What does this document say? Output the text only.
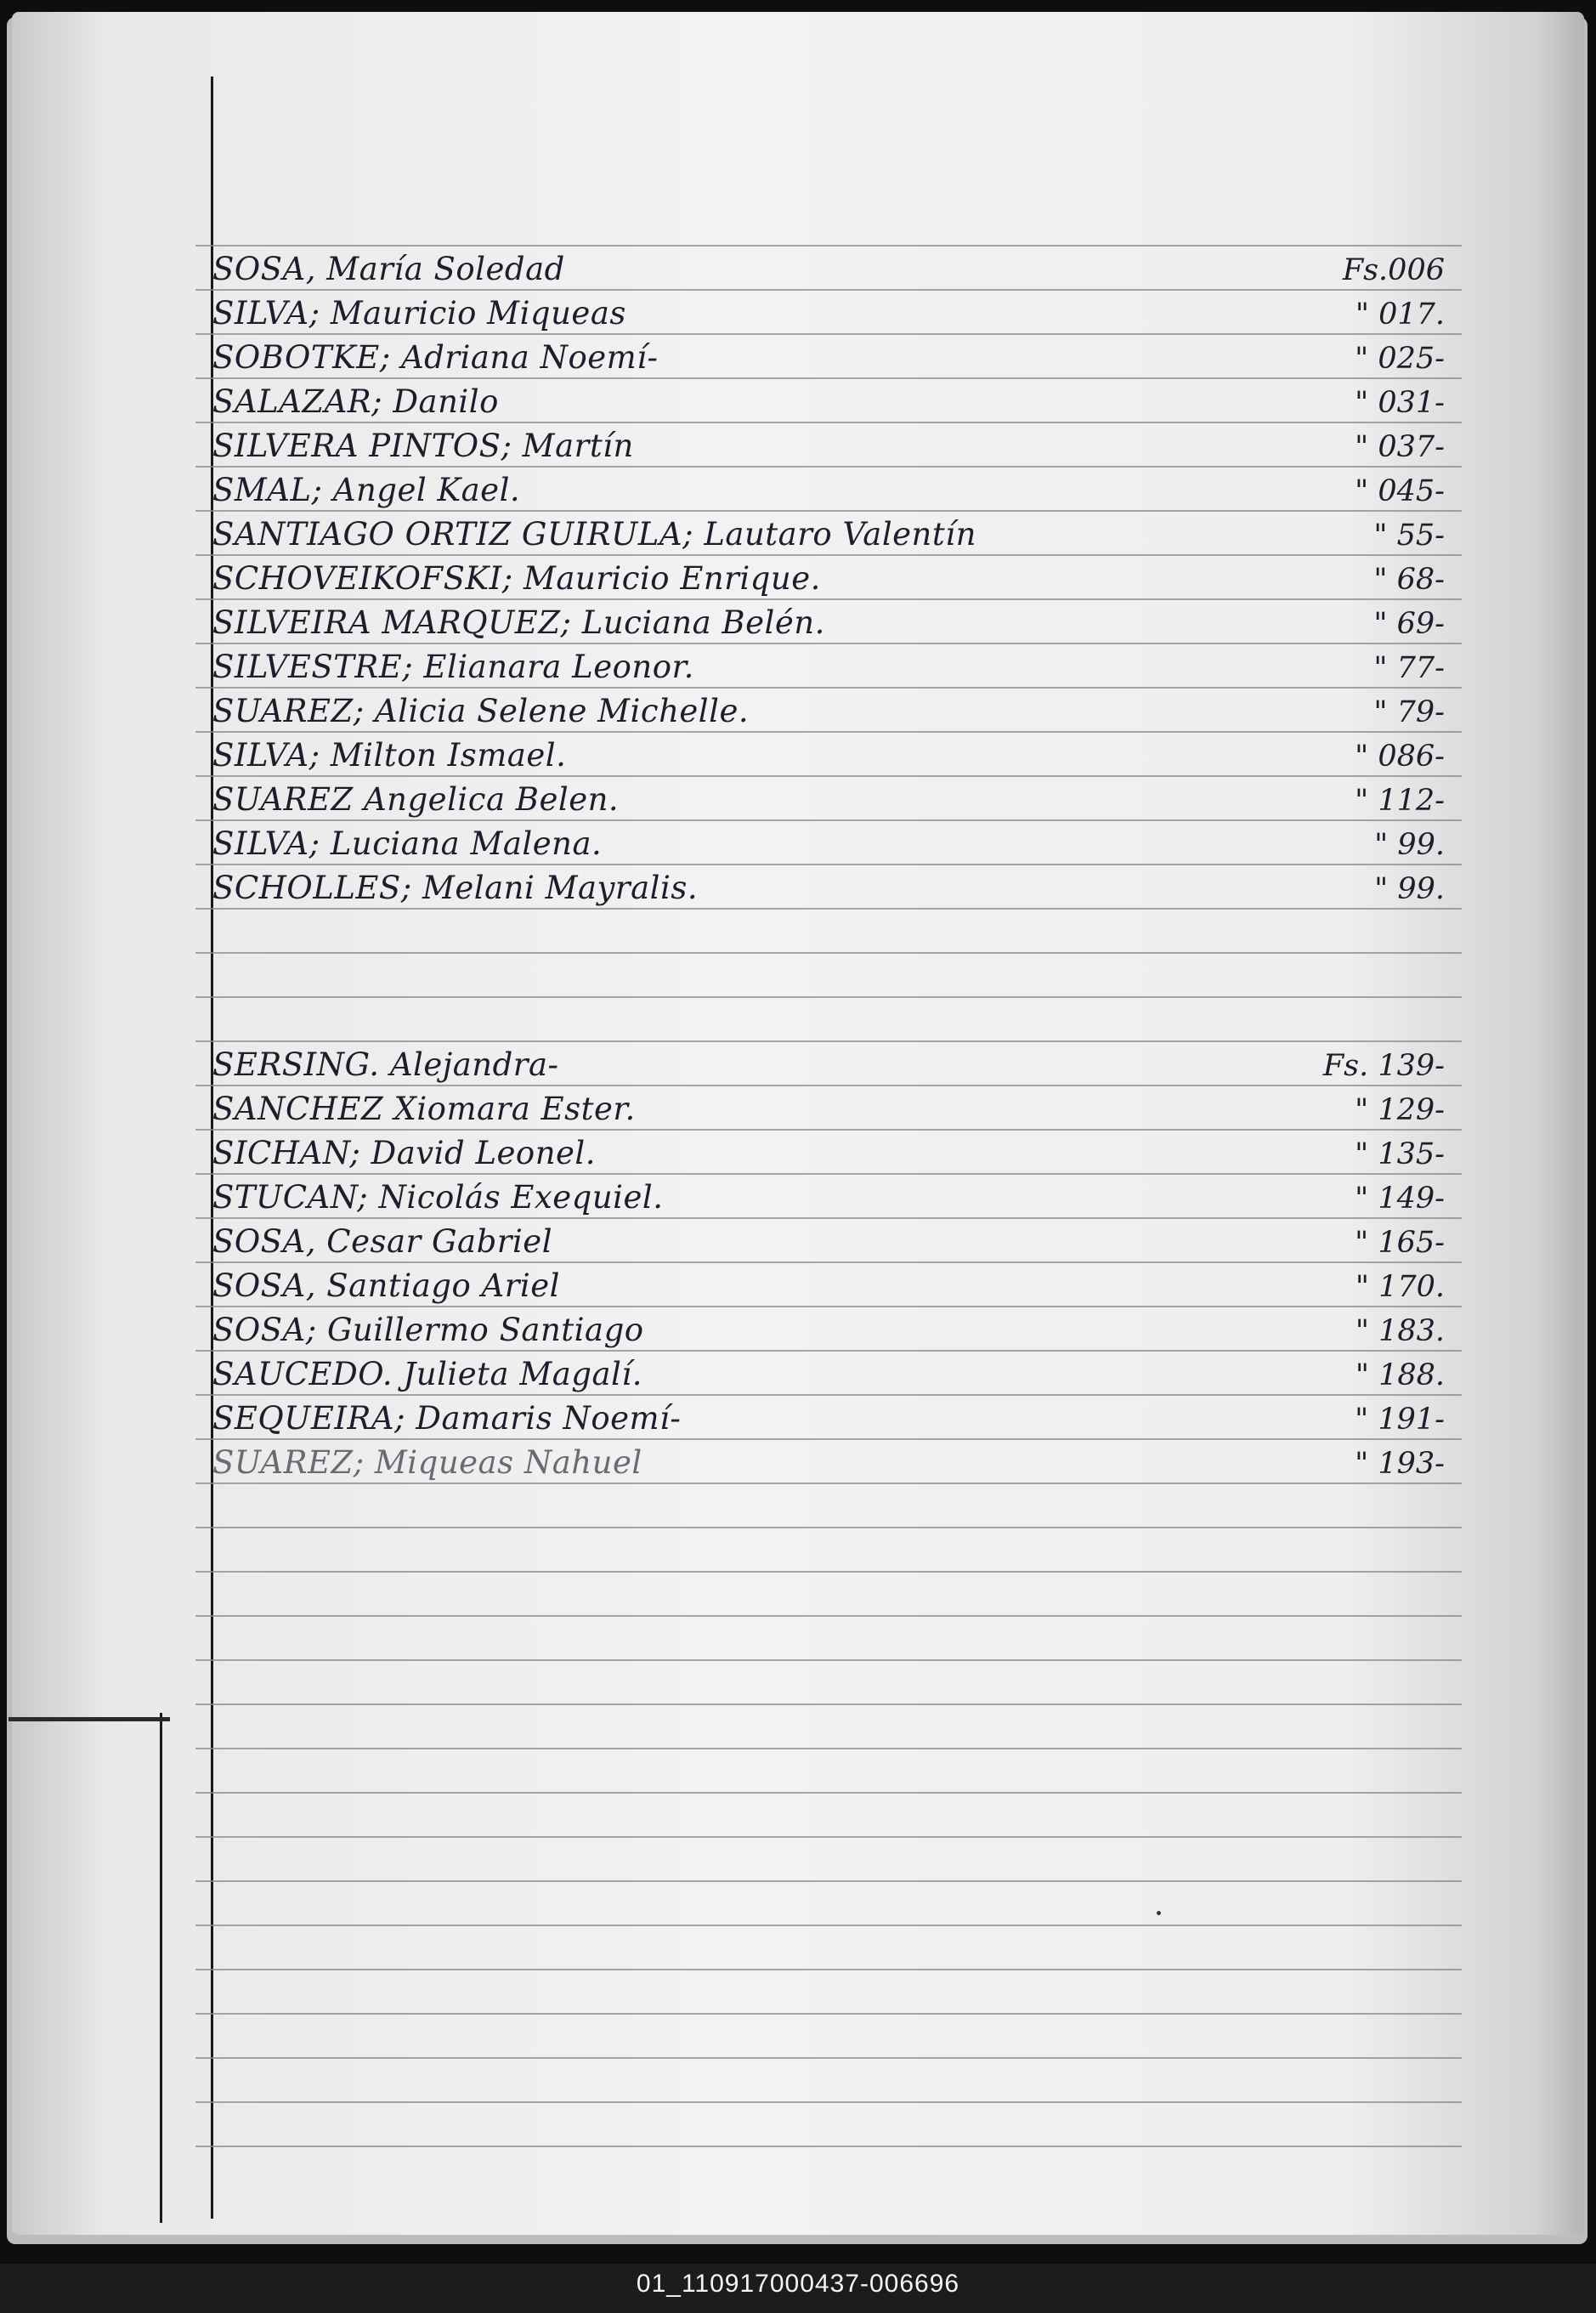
SOSA, María Soledad	Fs.006
SILVA; Mauricio Miqueas	" 017.
SOBOTKE; Adriana Noemí-	" 025-
SALAZAR; Danilo	" 031-
SILVERA PINTOS; Martín	" 037-
SMAL; Angel Kael.	" 045-
SANTIAGO ORTIZ GUIRULA; Lautaro Valentín	" 55-
SCHOVEIKOFSKI; Mauricio Enrique.	" 68-
SILVEIRA MARQUEZ; Luciana Belén.	" 69-
SILVESTRE; Elianara Leonor.	" 77-
SUAREZ; Alicia Selene Michelle.	" 79-
SILVA; Milton Ismael.	" 086-
SUAREZ Angelica Belen.	" 112-
SILVA; Luciana Malena.	" 99.
SCHOLLES; Melani Mayralis.	" 99.
SERSING. Alejandra-	Fs. 139-
SANCHEZ Xiomara Ester.	" 129-
SICHAN; David Leonel.	" 135-
STUCAN; Nicolás Exequiel.	" 149-
SOSA, Cesar Gabriel	" 165-
SOSA, Santiago Ariel	" 170.
SOSA; Guillermo Santiago	" 183.
SAUCEDO. Julieta Magalí.	" 188.
SEQUEIRA; Damaris Noemí-	" 191-
SUAREZ; Miqueas Nahuel	" 193-
01_110917000437-006696
